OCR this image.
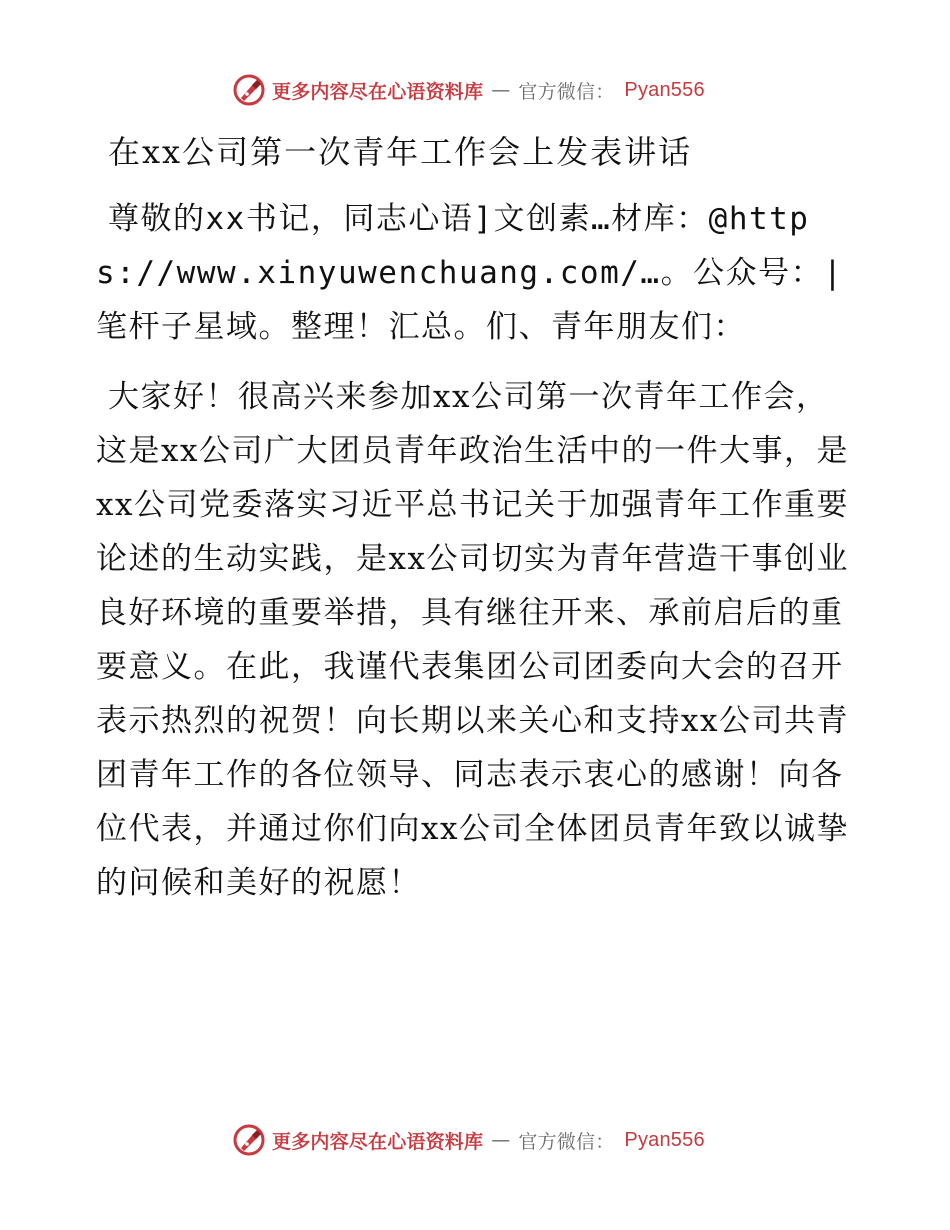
更多内容尽在心语资料库 — 官方微信： Pyan556
在xx公司第一次青年工作会上发表讲话

尊敬的xx书记，同志心语]文创素…材库：@https://www.xinyuwenchuang.com/…。公众号：|笔杆子星域。整理！汇总。们、青年朋友们：

大家好！很高兴来参加xx公司第一次青年工作会，这是xx公司广大团员青年政治生活中的一件大事，是xx公司党委落实习近平总书记关于加强青年工作重要论述的生动实践，是xx公司切实为青年营造干事创业良好环境的重要举措，具有继往开来、承前启后的重要意义。在此，我谨代表集团公司团委向大会的召开表示热烈的祝贺！向长期以来关心和支持xx公司共青团青年工作的各位领导、同志表示衷心的感谢！向各位代表，并通过你们向xx公司全体团员青年致以诚挚的问候和美好的祝愿！

更多内容尽在心语资料库 — 官方微信： Pyan556
